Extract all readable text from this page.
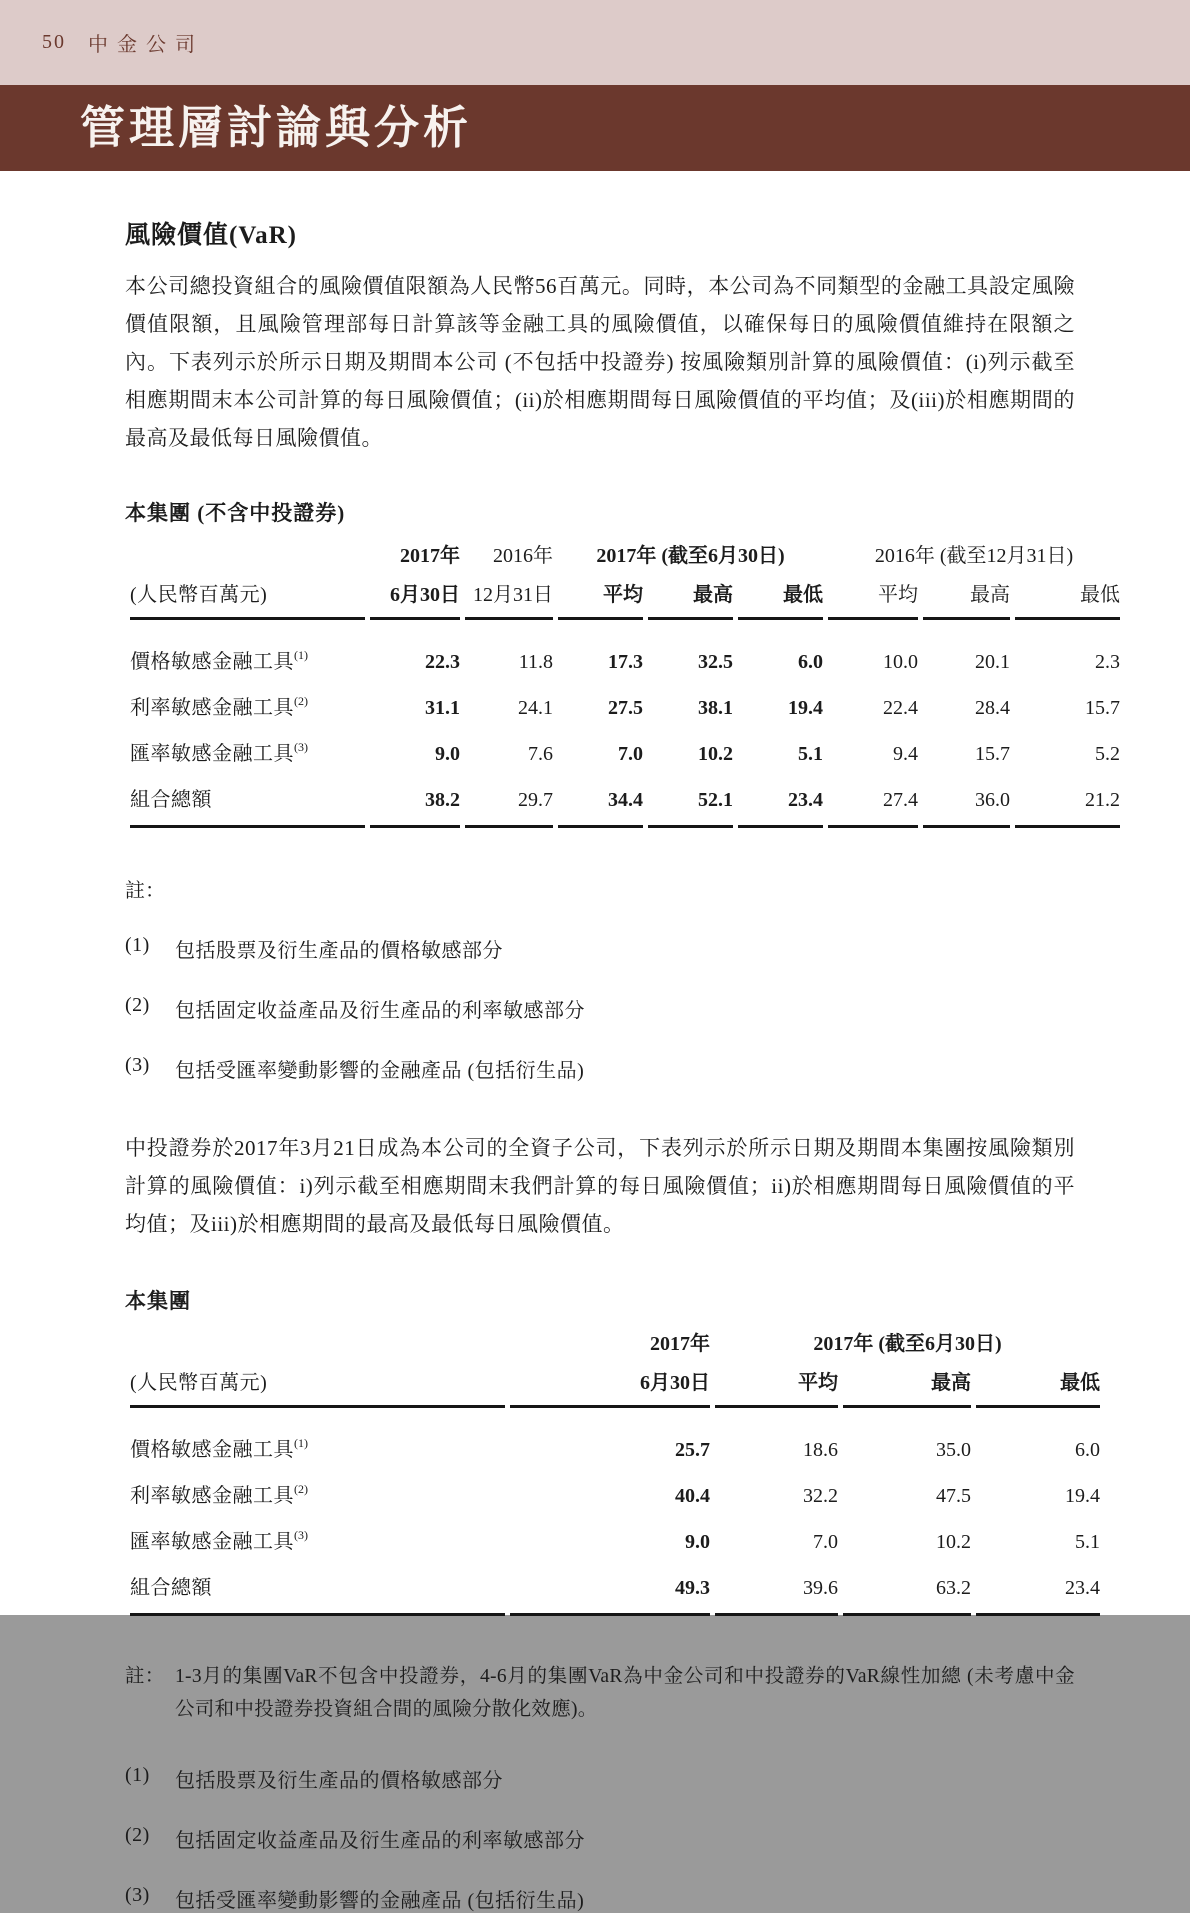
50 中金公司
管理層討論與分析
風險價值(VaR)

本公司總投資組合的風險價值限額為人民幣56百萬元。同時，本公司為不同類型的金融工具設定風險價值限額，且風險管理部每日計算該等金融工具的風險價值，以確保每日的風險價值維持在限額之內。下表列示於所示日期及期間本公司 (不包括中投證券) 按風險類別計算的風險價值：(i)列示截至相應期間末本公司計算的每日風險價值；(ii)於相應期間每日風險價值的平均值；及(iii)於相應期間的最高及最低每日風險價值。

本集團 (不含中投證券)
	2017年	2016年	2017年 (截至6月30日)			2016年 (截至12月31日)		
(人民幣百萬元)	6月30日	12月31日	平均	最高	最低	平均	最高	最低
價格敏感金融工具$^{(1)}$	22.3	11.8	17.3	32.5	6.0	10.0	20.1	2.3
利率敏感金融工具$^{(2)}$	31.1	24.1	27.5	38.1	19.4	22.4	28.4	15.7
匯率敏感金融工具$^{(3)}$	9.0	7.6	7.0	10.2	5.1	9.4	15.7	5.2
組合總額	38.2	29.7	34.4	52.1	23.4	27.4	36.0	21.2

註：

(1)	包括股票及衍生產品的價格敏感部分
(2)	包括固定收益產品及衍生產品的利率敏感部分
(3)	包括受匯率變動影響的金融產品 (包括衍生品)

中投證券於2017年3月21日成為本公司的全資子公司，下表列示於所示日期及期間本集團按風險類別計算的風險價值：i)列示截至相應期間末我們計算的每日風險價值；ii)於相應期間每日風險價值的平均值；及iii)於相應期間的最高及最低每日風險價值。

本集團
	2017年	2017年 (截至6月30日)		
(人民幣百萬元)	6月30日	平均	最高	最低
價格敏感金融工具$^{(1)}$	25.7	18.6	35.0	6.0
利率敏感金融工具$^{(2)}$	40.4	32.2	47.5	19.4
匯率敏感金融工具$^{(3)}$	9.0	7.0	10.2	5.1
組合總額	49.3	39.6	63.2	23.4
註： 1-3月的集團VaR不包含中投證券，4-6月的集團VaR為中金公司和中投證券的VaR線性加總 (未考慮中金公司和中投證券投資組合間的風險分散化效應)。
(1)	包括股票及衍生產品的價格敏感部分
(2)	包括固定收益產品及衍生產品的利率敏感部分
(3)	包括受匯率變動影響的金融產品 (包括衍生品)
